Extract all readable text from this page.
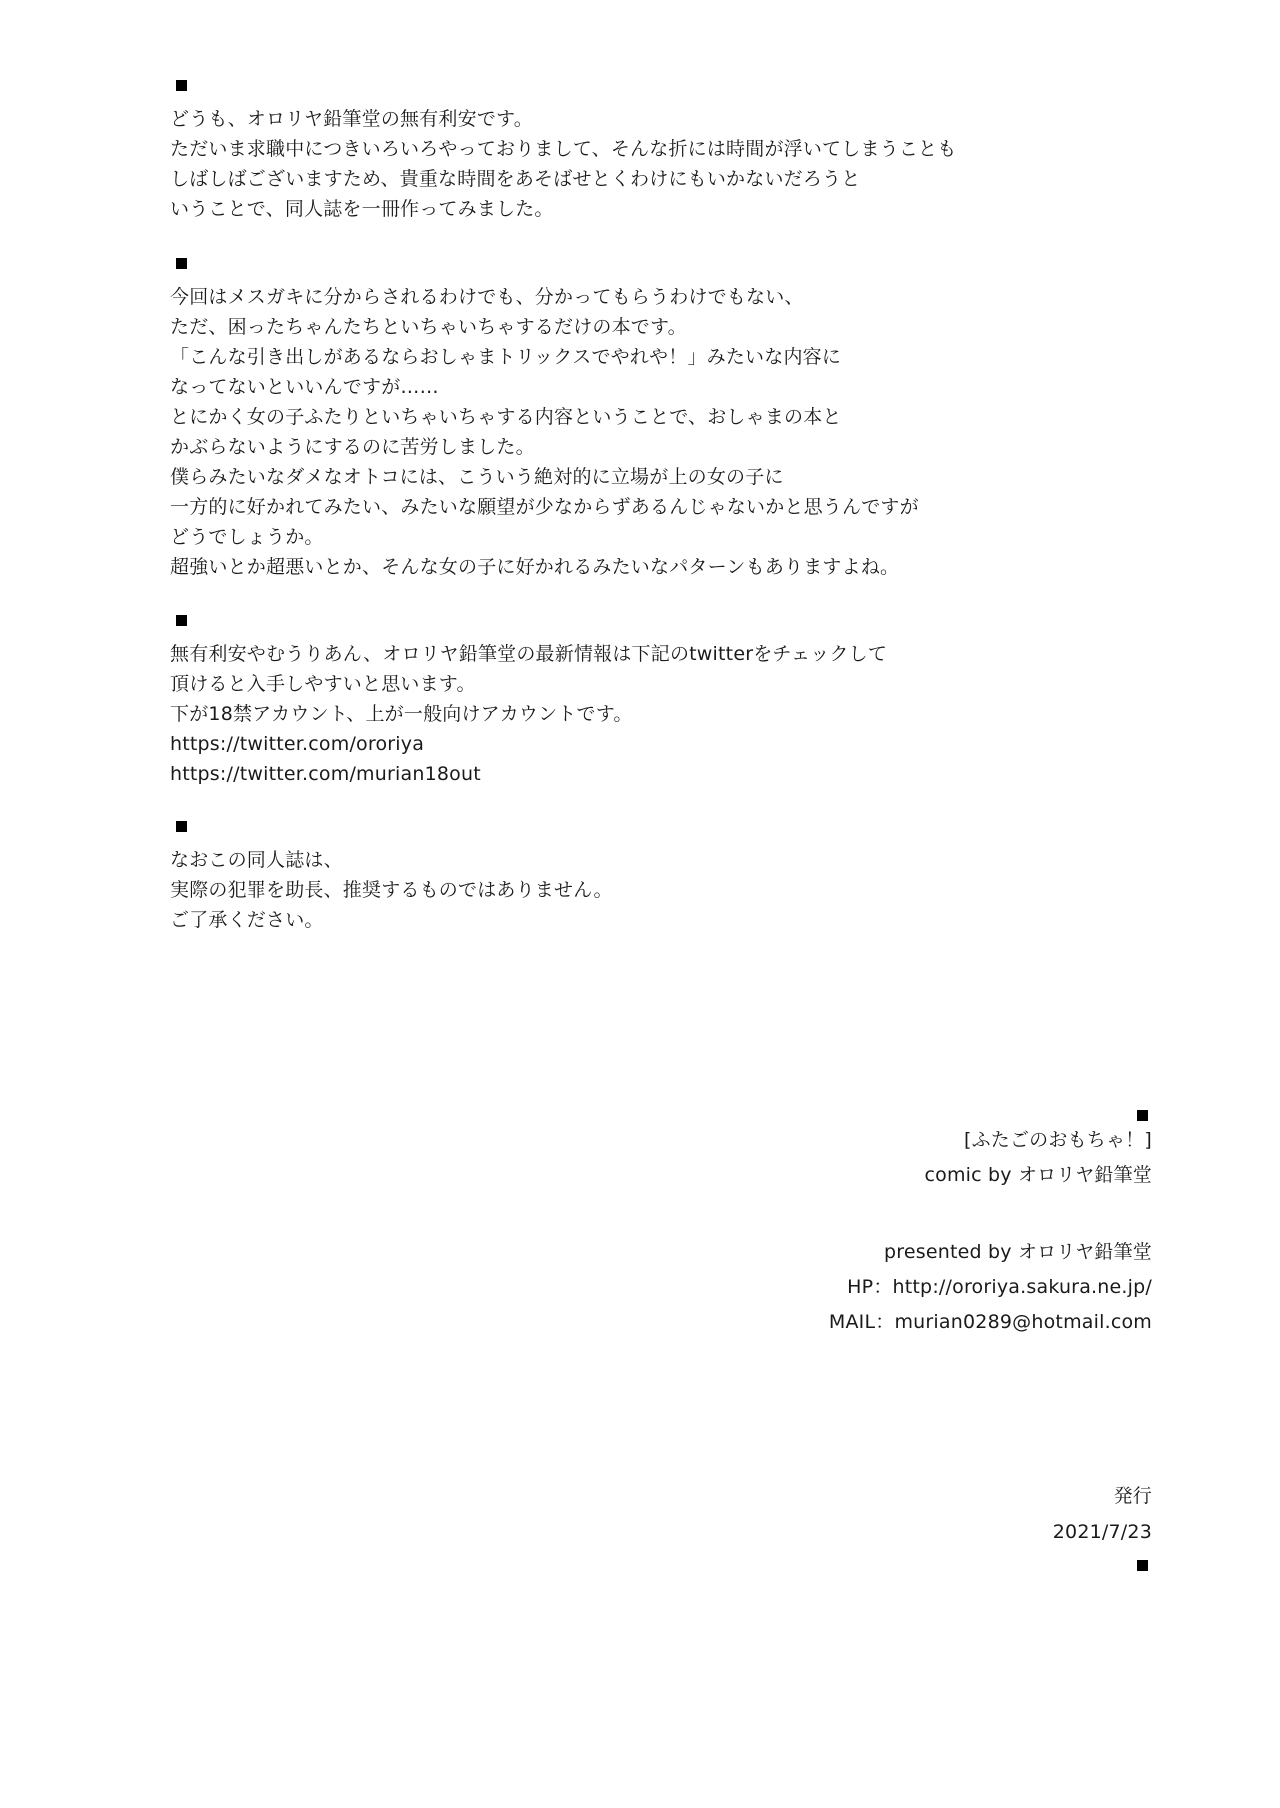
どうも、オロリヤ鉛筆堂の無有利安です。
ただいま求職中につきいろいろやっておりまして、そんな折には時間が浮いてしまうことも
しばしばございますため、貴重な時間をあそばせとくわけにもいかないだろうと
いうことで、同人誌を一冊作ってみました。
今回はメスガキに分からされるわけでも、分かってもらうわけでもない、
ただ、困ったちゃんたちといちゃいちゃするだけの本です。
「こんな引き出しがあるならおしゃまトリックスでやれや！」みたいな内容に
なってないといいんですが……
とにかく女の子ふたりといちゃいちゃする内容ということで、おしゃまの本と
かぶらないようにするのに苦労しました。
僕らみたいなダメなオトコには、こういう絶対的に立場が上の女の子に
一方的に好かれてみたい、みたいな願望が少なからずあるんじゃないかと思うんですが
どうでしょうか。
超強いとか超悪いとか、そんな女の子に好かれるみたいなパターンもありますよね。
無有利安やむうりあん、オロリヤ鉛筆堂の最新情報は下記のtwitterをチェックして
頂けると入手しやすいと思います。
下が18禁アカウント、上が一般向けアカウントです。
https://twitter.com/ororiya
https://twitter.com/murian18out
なおこの同人誌は、
実際の犯罪を助長、推奨するものではありません。
ご了承ください。
[ふたごのおもちゃ！]
comic by オロリヤ鉛筆堂
presented by オロリヤ鉛筆堂
HP：http://ororiya.sakura.ne.jp/
MAIL：murian0289@hotmail.com
発行
2021/7/23
